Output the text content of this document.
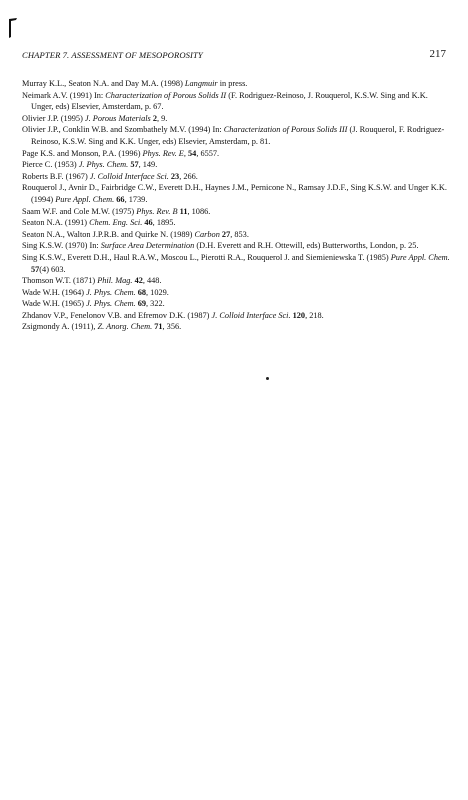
CHAPTER 7. ASSESSMENT OF MESOPOROSITY	217
Murray K.L., Seaton N.A. and Day M.A. (1998) Langmuir in press.
Neimark A.V. (1991) In: Characterization of Porous Solids II (F. Rodriguez-Reinoso, J. Rouquerol, K.S.W. Sing and K.K. Unger, eds) Elsevier, Amsterdam, p. 67.
Olivier J.P. (1995) J. Porous Materials 2, 9.
Olivier J.P., Conklin W.B. and Szombathely M.V. (1994) In: Characterization of Porous Solids III (J. Rouquerol, F. Rodriguez-Reinoso, K.S.W. Sing and K.K. Unger, eds) Elsevier, Amsterdam, p. 81.
Page K.S. and Monson, P.A. (1996) Phys. Rev. E, 54, 6557.
Pierce C. (1953) J. Phys. Chem. 57, 149.
Roberts B.F. (1967) J. Colloid Interface Sci. 23, 266.
Rouquerol J., Avnir D., Fairbridge C.W., Everett D.H., Haynes J.M., Pernicone N., Ramsay J.D.F., Sing K.S.W. and Unger K.K. (1994) Pure Appl. Chem. 66, 1739.
Saam W.F. and Cole M.W. (1975) Phys. Rev. B 11, 1086.
Seaton N.A. (1991) Chem. Eng. Sci. 46, 1895.
Seaton N.A., Walton J.P.R.B. and Quirke N. (1989) Carbon 27, 853.
Sing K.S.W. (1970) In: Surface Area Determination (D.H. Everett and R.H. Ottewill, eds) Butterworths, London, p. 25.
Sing K.S.W., Everett D.H., Haul R.A.W., Moscou L., Pierotti R.A., Rouquerol J. and Siemieniewska T. (1985) Pure Appl. Chem. 57(4) 603.
Thomson W.T. (1871) Phil. Mag. 42, 448.
Wade W.H. (1964) J. Phys. Chem. 68, 1029.
Wade W.H. (1965) J. Phys. Chem. 69, 322.
Zhdanov V.P., Fenelonov V.B. and Efremov D.K. (1987) J. Colloid Interface Sci. 120, 218.
Zsigmondy A. (1911), Z. Anorg. Chem. 71, 356.
